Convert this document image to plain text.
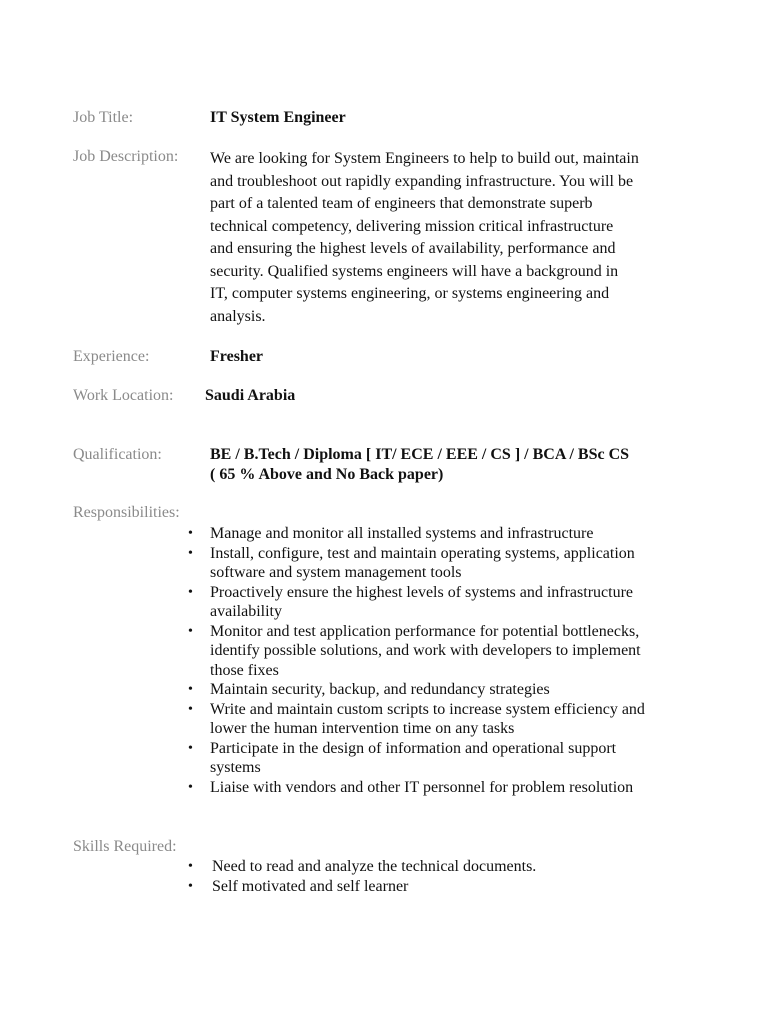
Job Title:	IT System Engineer
Job Description: We are looking for System Engineers to help to build out, maintain
and troubleshoot out rapidly expanding infrastructure. You will be
part of a talented team of engineers that demonstrate superb
technical competency, delivering mission critical infrastructure
and ensuring the highest levels of availability, performance and
security. Qualified systems engineers will have a background in
IT, computer systems engineering, or systems engineering and
analysis.
Experience:	Fresher
Work Location: Saudi Arabia
Qualification:	BE / B.Tech / Diploma [ IT/ ECE / EEE / CS ] / BCA / BSc CS
( 65 % Above and No Back paper)
Responsibilities:
• Manage and monitor all installed systems and infrastructure
• Install, configure, test and maintain operating systems, application
software and system management tools
• Proactively ensure the highest levels of systems and infrastructure
availability
• Monitor and test application performance for potential bottlenecks,
identify possible solutions, and work with developers to implement
those fixes
• Maintain security, backup, and redundancy strategies
• Write and maintain custom scripts to increase system efficiency and
lower the human intervention time on any tasks
• Participate in the design of information and operational support
systems
• Liaise with vendors and other IT personnel for problem resolution
Skills Required:
• Need to read and analyze the technical documents.
• Self motivated and self learner
